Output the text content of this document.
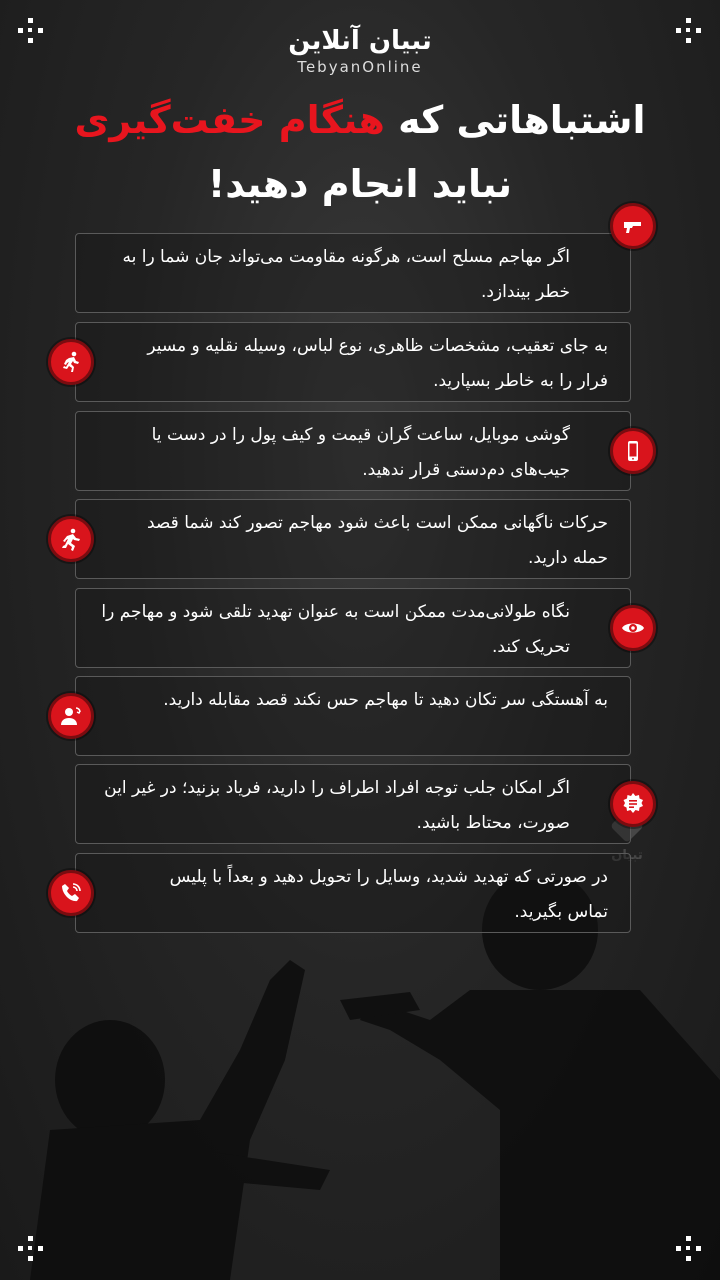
تبیان
تبیان آنلاین
TebyanOnline
اشتباهاتی که هنگام خفت‌گیری
نباید انجام دهید!
اگر مهاجم مسلح است، هرگونه مقاومت می‌تواند جان شما را به خطر بیندازد.
به جای تعقیب، مشخصات ظاهری، نوع لباس، وسیله نقلیه و مسیر فرار را به خاطر بسپارید.
گوشی موبایل، ساعت گران قیمت و کیف پول را در دست یا جیب‌های دم‌دستی قرار ندهید.
حرکات ناگهانی ممکن است باعث شود مهاجم تصور کند شما قصد حمله دارید.
نگاه طولانی‌مدت ممکن است به عنوان تهدید تلقی شود و مهاجم را تحریک کند.
به آهستگی سر تکان دهید تا مهاجم حس نکند قصد مقابله دارید.
اگر امکان جلب توجه افراد اطراف را دارید، فریاد بزنید؛ در غیر این صورت، محتاط باشید.
در صورتی که تهدید شدید، وسایل را تحویل دهید و بعداً با پلیس تماس بگیرید.
